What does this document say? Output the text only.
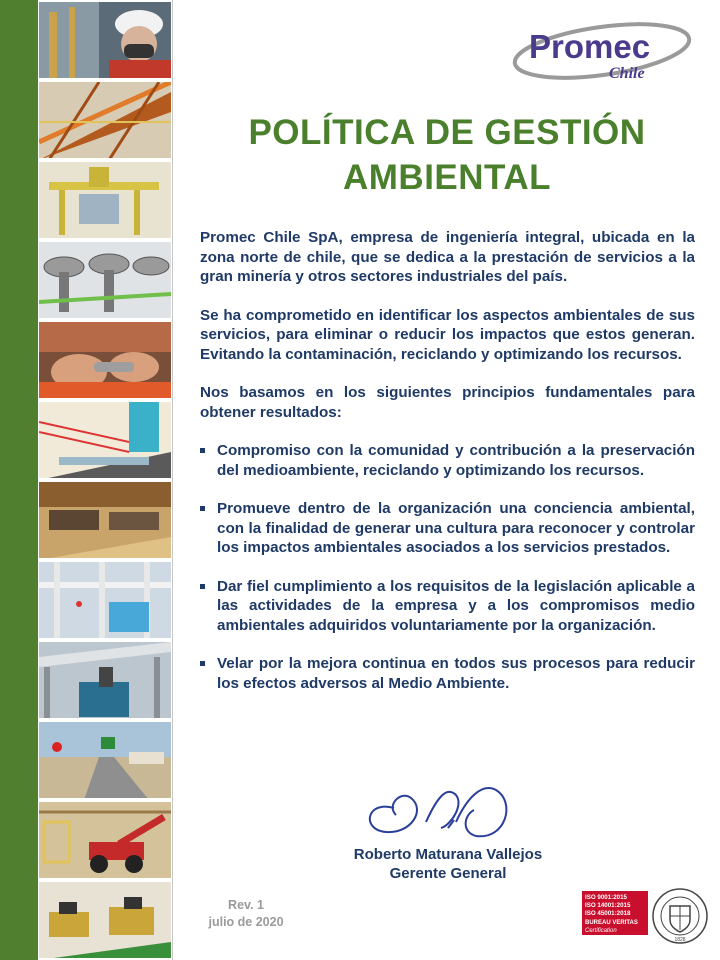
Promec
Chile
POLÍTICA DE GESTIÓN
AMBIENTAL

Promec Chile SpA, empresa de ingeniería integral, ubicada en la zona norte de chile, que se dedica a la prestación de servicios a la gran minería y otros sectores industriales del país.

Se ha comprometido en identificar los aspectos ambientales de sus servicios, para eliminar o reducir los impactos que estos generan. Evitando la contaminación, reciclando y optimizando los recursos.

Nos basamos en los siguientes principios fundamentales para obtener resultados:

Compromiso con la comunidad y contribución a la preservación del medioambiente, reciclando y optimizando los recursos.
Promueve dentro de la organización una conciencia ambiental, con la finalidad de generar una cultura para reconocer y controlar los impactos ambientales asociados a los servicios prestados.
Dar fiel cumplimiento a los requisitos de la legislación aplicable a las actividades de la empresa y a los compromisos medio ambientales adquiridos voluntariamente por la organización.
Velar por la mejora continua en todos sus procesos para reducir los efectos adversos al Medio Ambiente.
Roberto Maturana Vallejos
Gerente General
Rev. 1
julio de 2020
ISO 9001:2015
ISO 14001:2015
ISO 45001:2018
BUREAU VERITAS
Certification
1828
